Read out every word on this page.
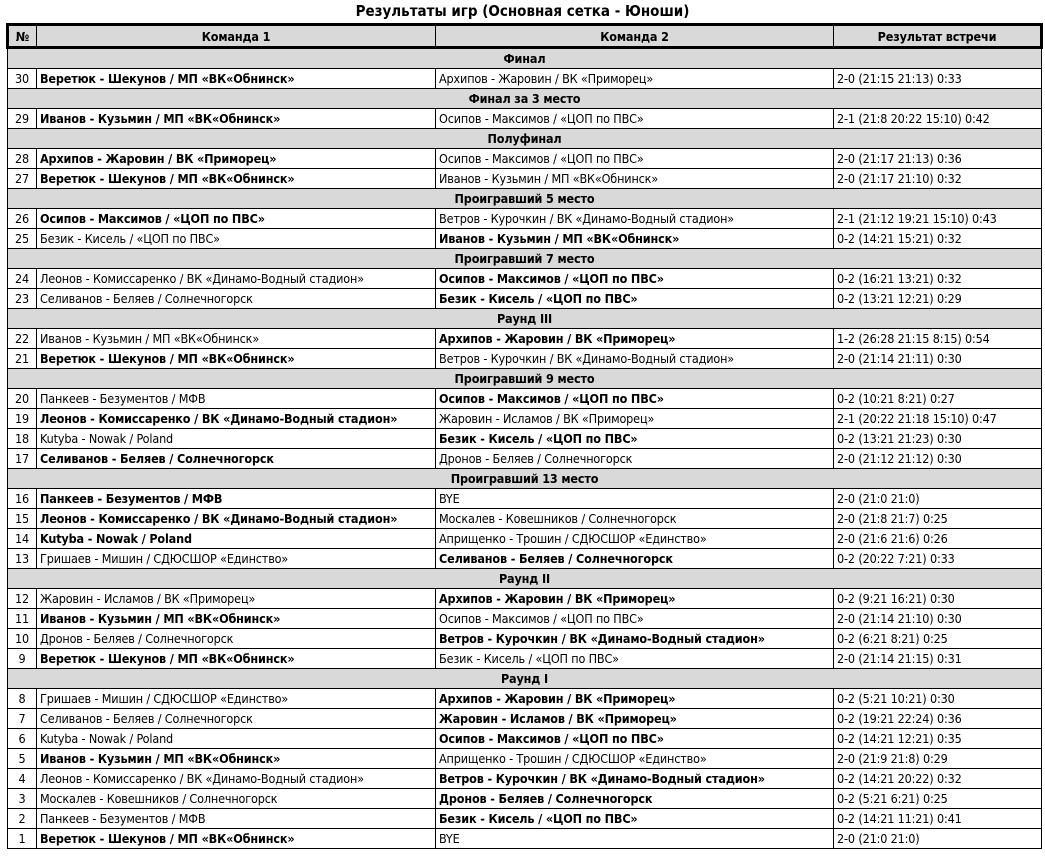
Результаты игр (Основная сетка - Юноши)
№	Команда 1	Команда 2	Результат встречи
Финал			
30	Веретюк - Шекунов / МП «ВК«Обнинск»	Архипов - Жаровин / ВК «Приморец»	2-0 (21:15 21:13) 0:33
Финал за 3 место			
29	Иванов - Кузьмин / МП «ВК«Обнинск»	Осипов - Максимов / «ЦОП по ПВС»	2-1 (21:8 20:22 15:10) 0:42
Полуфинал			
28	Архипов - Жаровин / ВК «Приморец»	Осипов - Максимов / «ЦОП по ПВС»	2-0 (21:17 21:13) 0:36
27	Веретюк - Шекунов / МП «ВК«Обнинск»	Иванов - Кузьмин / МП «ВК«Обнинск»	2-0 (21:17 21:10) 0:32
Проигравший 5 место			
26	Осипов - Максимов / «ЦОП по ПВС»	Ветров - Курочкин / ВК «Динамо-Водный стадион»	2-1 (21:12 19:21 15:10) 0:43
25	Безик - Кисель / «ЦОП по ПВС»	Иванов - Кузьмин / МП «ВК«Обнинск»	0-2 (14:21 15:21) 0:32
Проигравший 7 место			
24	Леонов - Комиссаренко / ВК «Динамо-Водный стадион»	Осипов - Максимов / «ЦОП по ПВС»	0-2 (16:21 13:21) 0:32
23	Селиванов - Беляев / Солнечногорск	Безик - Кисель / «ЦОП по ПВС»	0-2 (13:21 12:21) 0:29
Раунд III			
22	Иванов - Кузьмин / МП «ВК«Обнинск»	Архипов - Жаровин / ВК «Приморец»	1-2 (26:28 21:15 8:15) 0:54
21	Веретюк - Шекунов / МП «ВК«Обнинск»	Ветров - Курочкин / ВК «Динамо-Водный стадион»	2-0 (21:14 21:11) 0:30
Проигравший 9 место			
20	Панкеев - Безументов / МФВ	Осипов - Максимов / «ЦОП по ПВС»	0-2 (10:21 8:21) 0:27
19	Леонов - Комиссаренко / ВК «Динамо-Водный стадион»	Жаровин - Исламов / ВК «Приморец»	2-1 (20:22 21:18 15:10) 0:47
18	Kutyba - Nowak / Poland	Безик - Кисель / «ЦОП по ПВС»	0-2 (13:21 21:23) 0:30
17	Селиванов - Беляев / Солнечногорск	Дронов - Беляев / Солнечногорск	2-0 (21:12 21:12) 0:30
Проигравший 13 место			
16	Панкеев - Безументов / МФВ	BYE	2-0 (21:0 21:0)
15	Леонов - Комиссаренко / ВК «Динамо-Водный стадион»	Москалев - Ковешников / Солнечногорск	2-0 (21:8 21:7) 0:25
14	Kutyba - Nowak / Poland	Априщенко - Трошин / СДЮСШОР «Единство»	2-0 (21:6 21:6) 0:26
13	Гришаев - Мишин / СДЮСШОР «Единство»	Селиванов - Беляев / Солнечногорск	0-2 (20:22 7:21) 0:33
Раунд II			
12	Жаровин - Исламов / ВК «Приморец»	Архипов - Жаровин / ВК «Приморец»	0-2 (9:21 16:21) 0:30
11	Иванов - Кузьмин / МП «ВК«Обнинск»	Осипов - Максимов / «ЦОП по ПВС»	2-0 (21:14 21:10) 0:30
10	Дронов - Беляев / Солнечногорск	Ветров - Курочкин / ВК «Динамо-Водный стадион»	0-2 (6:21 8:21) 0:25
9	Веретюк - Шекунов / МП «ВК«Обнинск»	Безик - Кисель / «ЦОП по ПВС»	2-0 (21:14 21:15) 0:31
Раунд I			
8	Гришаев - Мишин / СДЮСШОР «Единство»	Архипов - Жаровин / ВК «Приморец»	0-2 (5:21 10:21) 0:30
7	Селиванов - Беляев / Солнечногорск	Жаровин - Исламов / ВК «Приморец»	0-2 (19:21 22:24) 0:36
6	Kutyba - Nowak / Poland	Осипов - Максимов / «ЦОП по ПВС»	0-2 (14:21 12:21) 0:35
5	Иванов - Кузьмин / МП «ВК«Обнинск»	Априщенко - Трошин / СДЮСШОР «Единство»	2-0 (21:9 21:8) 0:29
4	Леонов - Комиссаренко / ВК «Динамо-Водный стадион»	Ветров - Курочкин / ВК «Динамо-Водный стадион»	0-2 (14:21 20:22) 0:32
3	Москалев - Ковешников / Солнечногорск	Дронов - Беляев / Солнечногорск	0-2 (5:21 6:21) 0:25
2	Панкеев - Безументов / МФВ	Безик - Кисель / «ЦОП по ПВС»	0-2 (14:21 11:21) 0:41
1	Веретюк - Шекунов / МП «ВК«Обнинск»	BYE	2-0 (21:0 21:0)
